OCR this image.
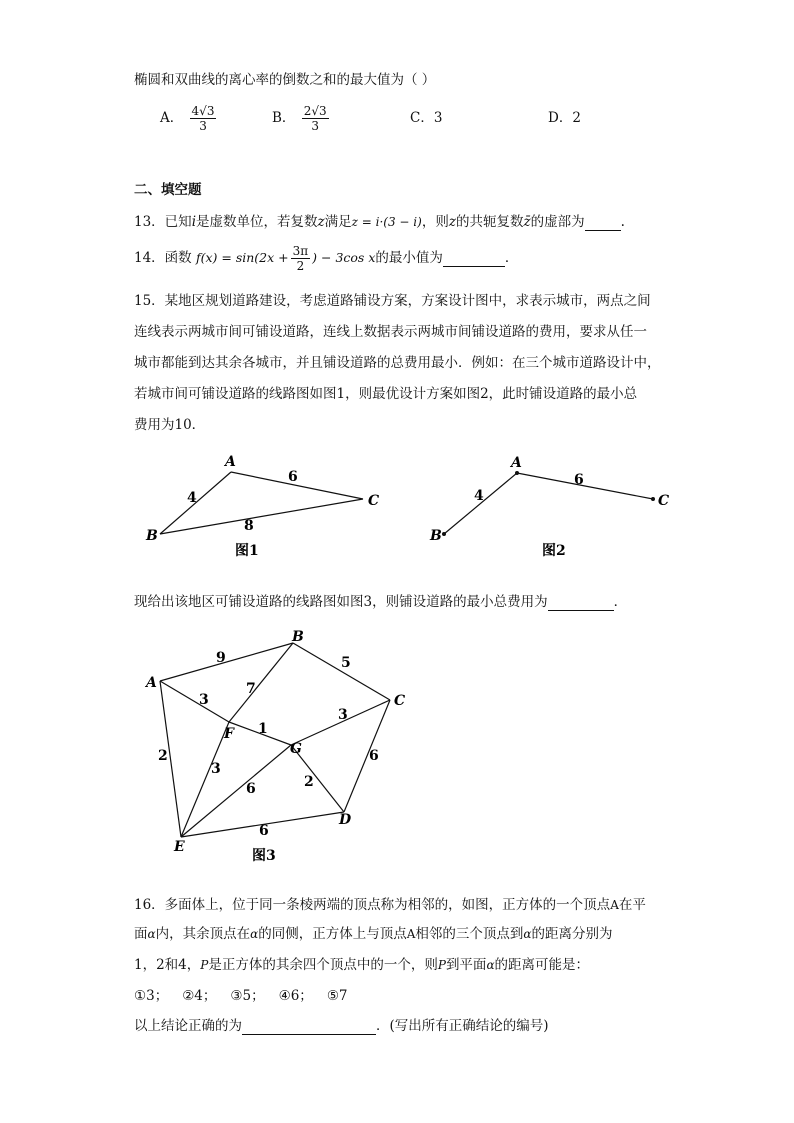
椭圆和双曲线的离心率的倒数之和的最大值为（ ）
A． $\frac{4√3}{3}$	B． $\frac{2√3}{3}$	C．3	D．2
二、填空题
13．已知i是虚数单位，若复数z满足z = i·(3 − i)，则z的共轭复数z̄的虚部为	.
14．函数 $f(x) = \sin(2x + \frac{3\pi}{2}$ ) − 3cos x的最小值为	．
15．某地区规划道路建设，考虑道路铺设方案，方案设计图中，求表示城市，两点之间
连线表示两城市间可铺设道路，连线上数据表示两城市间铺设道路的费用，要求从任一
城市都能到达其余各城市，并且铺设道路的总费用最小．例如：在三个城市道路设计中，
若城市间可铺设道路的线路图如图1，则最优设计方案如图2，此时铺设道路的最小总
费用为10．
A
B
C
4
6
8
图1
A
B
C
4
6
图2
现给出该地区可铺设道路的线路图如图3，则铺设道路的最小总费用为	．
A
B
C
D
E
F
G
9	5
3
7
1
3
2
3
6	2
6
6
图3
16．多面体上，位于同一条棱两端的顶点称为相邻的，如图，正方体的一个顶点A在平
面α内，其余顶点在α的同侧，正方体上与顶点A相邻的三个顶点到α的距离分别为
1，2和4，P是正方体的其余四个顶点中的一个，则P到平面α的距离可能是：
①3； ②4； ③5； ④6； ⑤7
以上结论正确的为	．(写出所有正确结论的编号)
